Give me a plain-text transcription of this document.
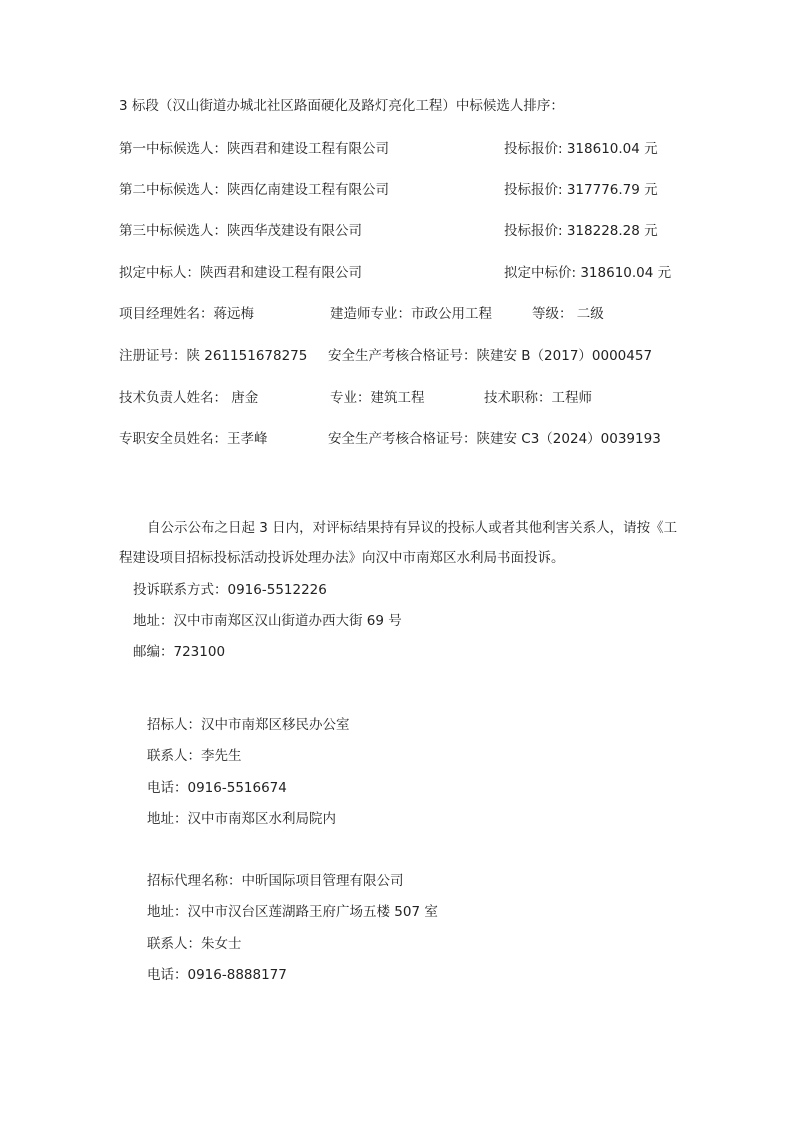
3 标段（汉山街道办城北社区路面硬化及路灯亮化工程）中标候选人排序：
第一中标候选人：陕西君和建设工程有限公司	投标报价: 318610.04 元
第二中标候选人：陕西亿南建设工程有限公司	投标报价: 317776.79 元
第三中标候选人：陕西华茂建设有限公司	投标报价: 318228.28 元
拟定中标人：陕西君和建设工程有限公司	拟定中标价: 318610.04 元
项目经理姓名：蒋远梅	建造师专业：市政公用工程	等级： 二级
注册证号：陕 261151678275 安全生产考核合格证号：陕建安 B（2017）0000457
技术负责人姓名： 唐金	专业：建筑工程	技术职称：工程师
专职安全员姓名：王孝峰	安全生产考核合格证号：陕建安 C3（2024）0039193
自公示公布之日起 3 日内，对评标结果持有异议的投标人或者其他利害关系人，请按《工
程建设项目招标投标活动投诉处理办法》向汉中市南郑区水利局书面投诉。
投诉联系方式：0916-5512226
地址：汉中市南郑区汉山街道办西大街 69 号
邮编：723100
招标人：汉中市南郑区移民办公室
联系人：李先生
电话：0916-5516674
地址：汉中市南郑区水利局院内
招标代理名称：中昕国际项目管理有限公司
地址：汉中市汉台区莲湖路王府广场五楼 507 室
联系人：朱女士
电话：0916-8888177
